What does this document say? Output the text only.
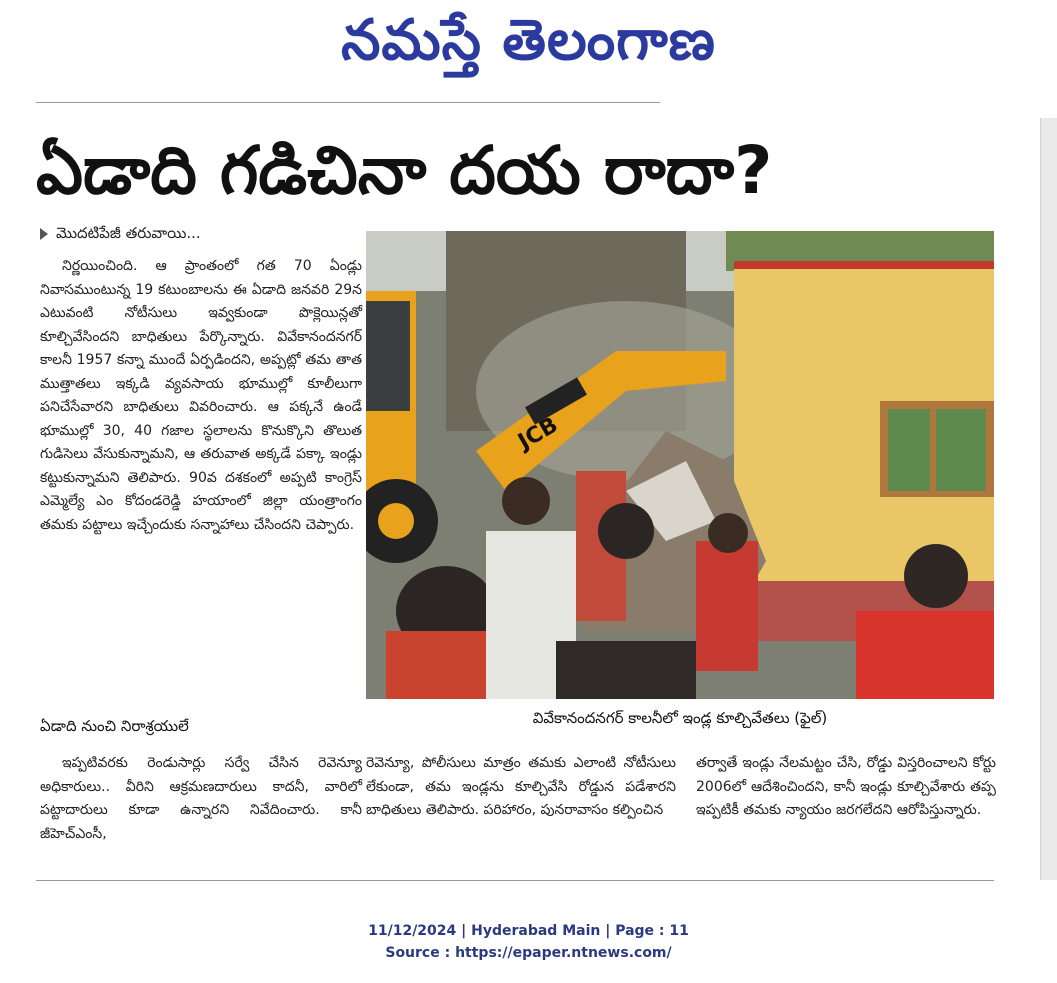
నమస్తే తెలంగాణ
ఏడాది గడిచినా దయ రాదా?
మొదటిపేజీ తరువాయి...
నిర్ణయించింది. ఆ ప్రాంతంలో గత 70 ఏండ్లు నివాసముంటున్న 19 కటుంబాలను ఈ ఏడాది జనవరి 29న ఎటువంటి నోటీసులు ఇవ్వకుండా పొక్లెయిన్లతో కూల్చివేసిందని బాధితులు పేర్కొన్నారు. వివేకానందనగర్ కాలనీ 1957 కన్నా ముందే ఏర్పడిందని, అప్పట్లో తమ తాత ముత్తాతలు ఇక్కడి వ్యవసాయ భూముల్లో కూలీలుగా పనిచేసేవారని బాధితులు వివరించారు. ఆ పక్కనే ఉండే భూముల్లో 30, 40 గజాల స్థలాలను కొనుక్కొని తొలుత గుడిసెలు వేసుకున్నామని, ఆ తరువాత అక్కడే పక్కా ఇండ్లు కట్టుకున్నామని తెలిపారు. 90వ దశకంలో అప్పటి కాంగ్రెస్ ఎమ్మెల్యే ఎం కోదండరెడ్డి హయాంలో జిల్లా యంత్రాంగం తమకు పట్టాలు ఇచ్చేందుకు సన్నాహాలు చేసిందని చెప్పారు.
JCB
వివేకానందనగర్ కాలనీలో ఇండ్ల కూల్చివేతలు (ఫైల్)
ఏడాది నుంచి నిరాశ్రయులే
ఇప్పటివరకు రెండుసార్లు సర్వే చేసిన రెవెన్యూ అధికారులు.. వీరిని ఆక్రమణదారులు కాదనీ, వారిలో పట్టాదారులు కూడా ఉన్నారని నివేదించారు. కానీ జీహెచ్ఎంసీ,
రెవెన్యూ, పోలీసులు మాత్రం తమకు ఎలాంటి నోటీసులు లేకుండా, తమ ఇండ్లను కూల్చివేసి రోడ్డున పడేశారని బాధితులు తెలిపారు. పరిహారం, పునరావాసం కల్పించిన
తర్వాతే ఇండ్లు నేలమట్టం చేసి, రోడ్డు విస్తరించాలని కోర్టు 2006లో ఆదేశించిందని, కానీ ఇండ్లు కూల్చివేశారు తప్ప ఇప్పటికీ తమకు న్యాయం జరగలేదని ఆరోపిస్తున్నారు.
11/12/2024 | Hyderabad Main | Page : 11
Source : https://epaper.ntnews.com/
